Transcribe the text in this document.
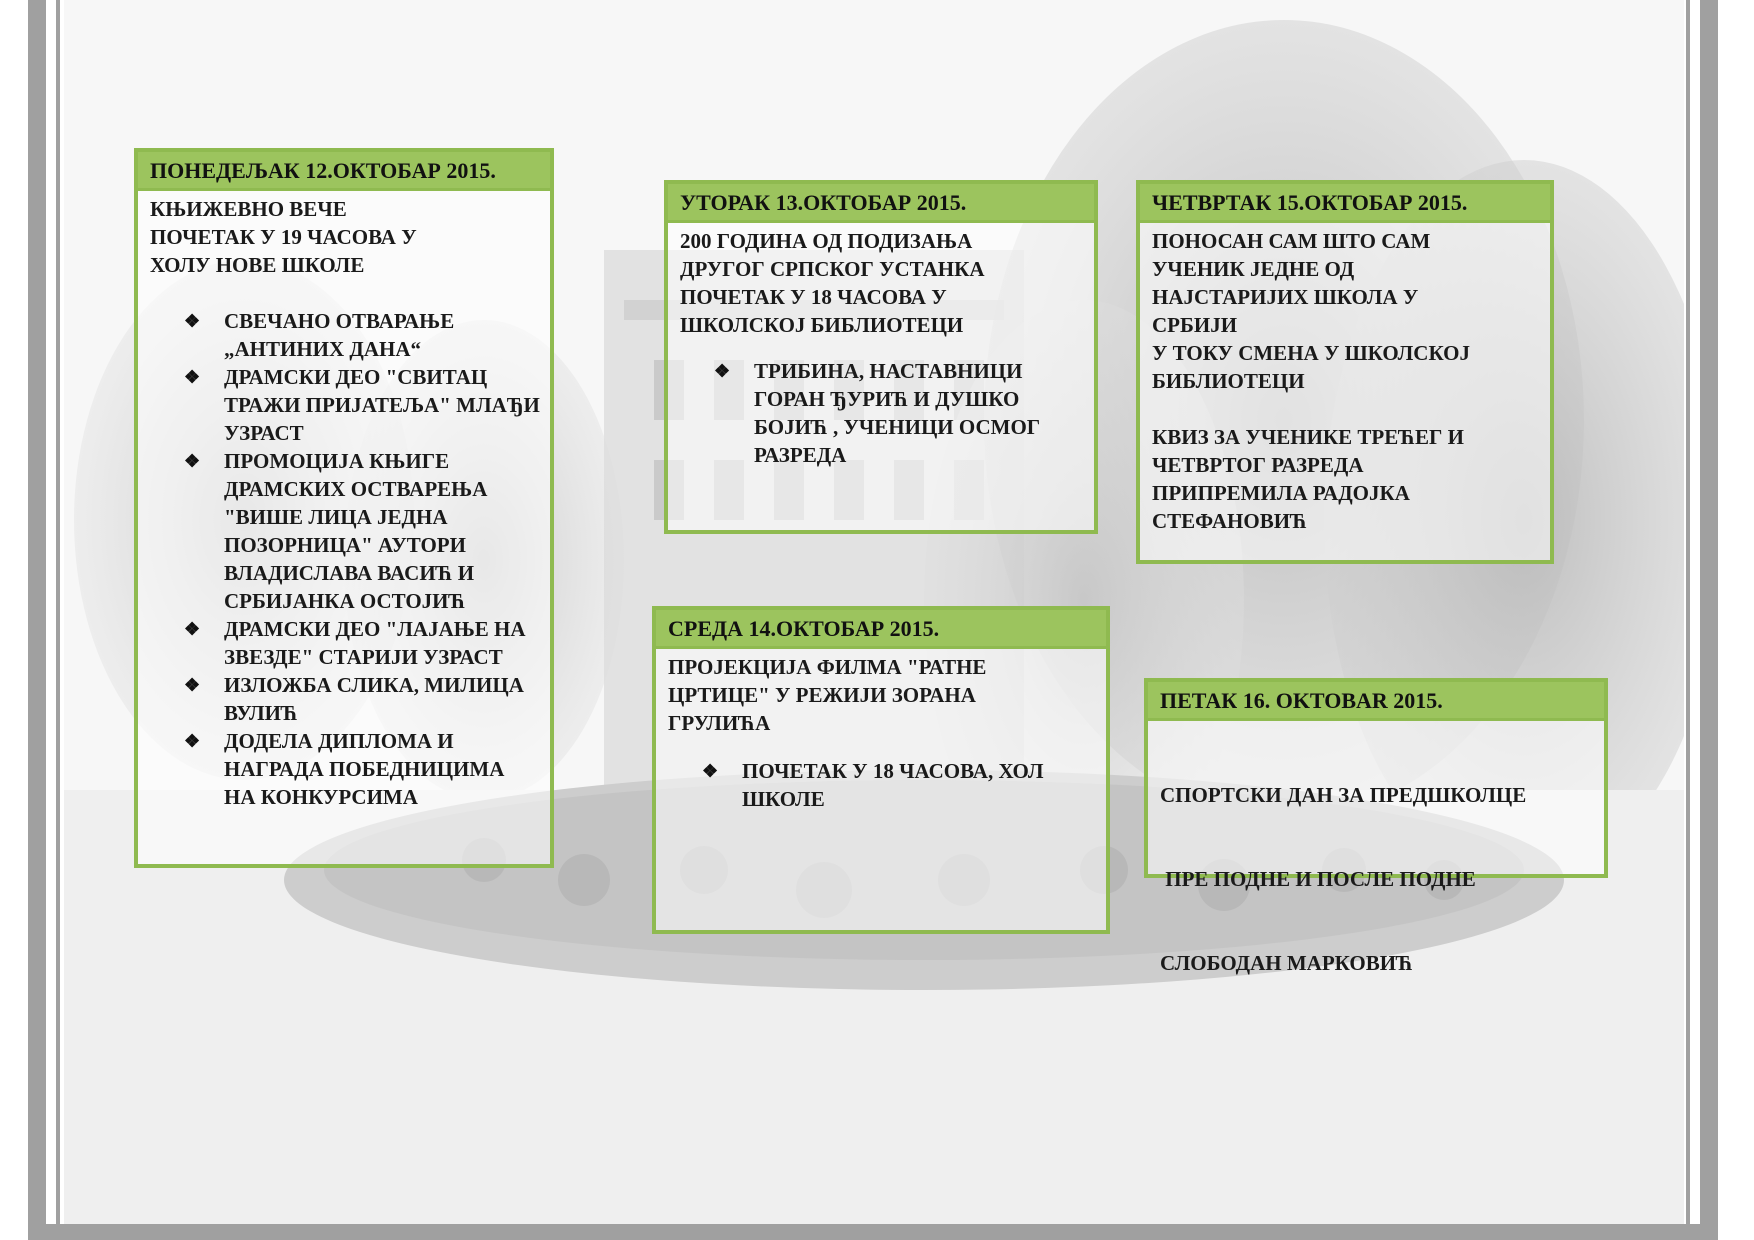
ПОНЕДЕЉАК 12.ОКТОБАР 2015.

КЊИЖЕВНО ВЕЧЕ

ПОЧЕТАК У 19 ЧАСОВА У

ХОЛУ НОВЕ ШКОЛЕ

❖ СВЕЧАНО ОТВАРАЊЕ „АНТИНИХ ДАНА“
❖ ДРАМСКИ ДЕО "СВИТАЦ ТРАЖИ ПРИЈАТЕЉА" МЛАЂИ УЗРАСТ
❖ ПРОМОЦИЈА КЊИГЕ ДРАМСКИХ ОСТВАРЕЊА "ВИШЕ ЛИЦА ЈЕДНА ПОЗОРНИЦА" АУТОРИ ВЛАДИСЛАВА ВАСИЋ И СРБИЈАНКА ОСТОЈИЋ
❖ ДРАМСКИ ДЕО "ЛАЈАЊЕ НА ЗВЕЗДЕ" СТАРИЈИ УЗРАСТ
❖ ИЗЛОЖБА СЛИКА, МИЛИЦА ВУЛИЋ
❖ ДОДЕЛА ДИПЛОМА И НАГРАДА ПОБЕДНИЦИМА НА КОНКУРСИМА
УТОРАК 13.ОКТОБАР 2015.

200 ГОДИНА ОД ПОДИЗАЊА

ДРУГОГ СРПСКОГ УСТАНКА

ПОЧЕТАК У 18 ЧАСОВА У

ШКОЛСКОЈ БИБЛИОТЕЦИ

❖ ТРИБИНА, НАСТАВНИЦИ ГОРАН ЂУРИЋ И ДУШКО БОЈИЋ , УЧЕНИЦИ ОСМОГ РАЗРЕДА
ЧЕТВРТАК 15.ОКТОБАР 2015.

ПОНОСАН САМ ШТО САМ

УЧЕНИК ЈЕДНЕ ОД

НАЈСТАРИЈИХ ШКОЛА У

СРБИЈИ

У ТОКУ СМЕНА У ШКОЛСКОЈ

БИБЛИОТЕЦИ

КВИЗ ЗА УЧЕНИКЕ ТРЕЋЕГ И

ЧЕТВРТОГ РАЗРЕДА

ПРИПРЕМИЛА РАДОЈКА

СТЕФАНОВИЋ

СРЕДА 14.ОКТОБАР 2015.

ПРОЈЕКЦИЈА ФИЛМА "РАТНЕ

ЦРТИЦЕ" У РЕЖИЈИ ЗОРАНА

ГРУЛИЋА

❖ ПОЧЕТАК У 18 ЧАСОВА, ХОЛ ШКОЛЕ
ПЕТАК 16. OKTOBAR 2015.

СПОРТСКИ ДАН ЗА ПРЕДШКОЛЦЕ

ПРЕ ПОДНЕ И ПОСЛЕ ПОДНЕ

СЛОБОДАН МАРКОВИЋ
